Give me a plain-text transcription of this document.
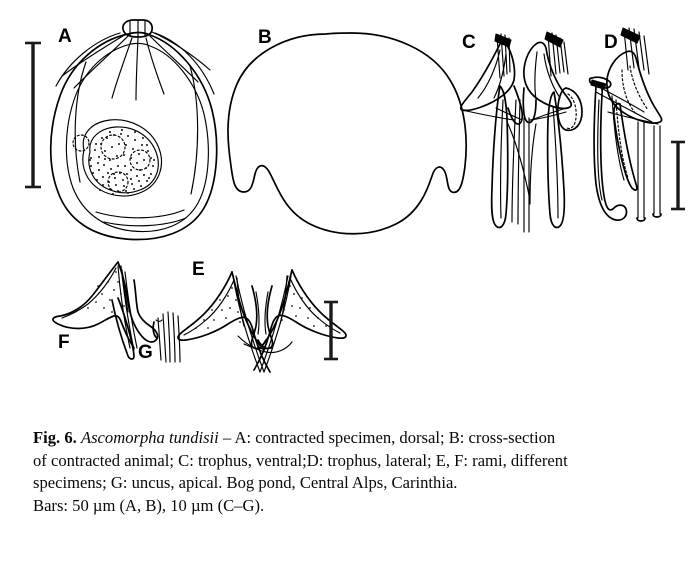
A	B	C	D
F	G
E
Fig. 6. Ascomorpha tundisii – A: contracted specimen, dorsal; B: cross-section
of contracted animal; C: trophus, ventral;D: trophus, lateral; E, F: rami, different
specimens; G: uncus, apical. Bog pond, Central Alps, Carinthia.
Bars: 50 µm (A, B), 10 µm (C–G).
